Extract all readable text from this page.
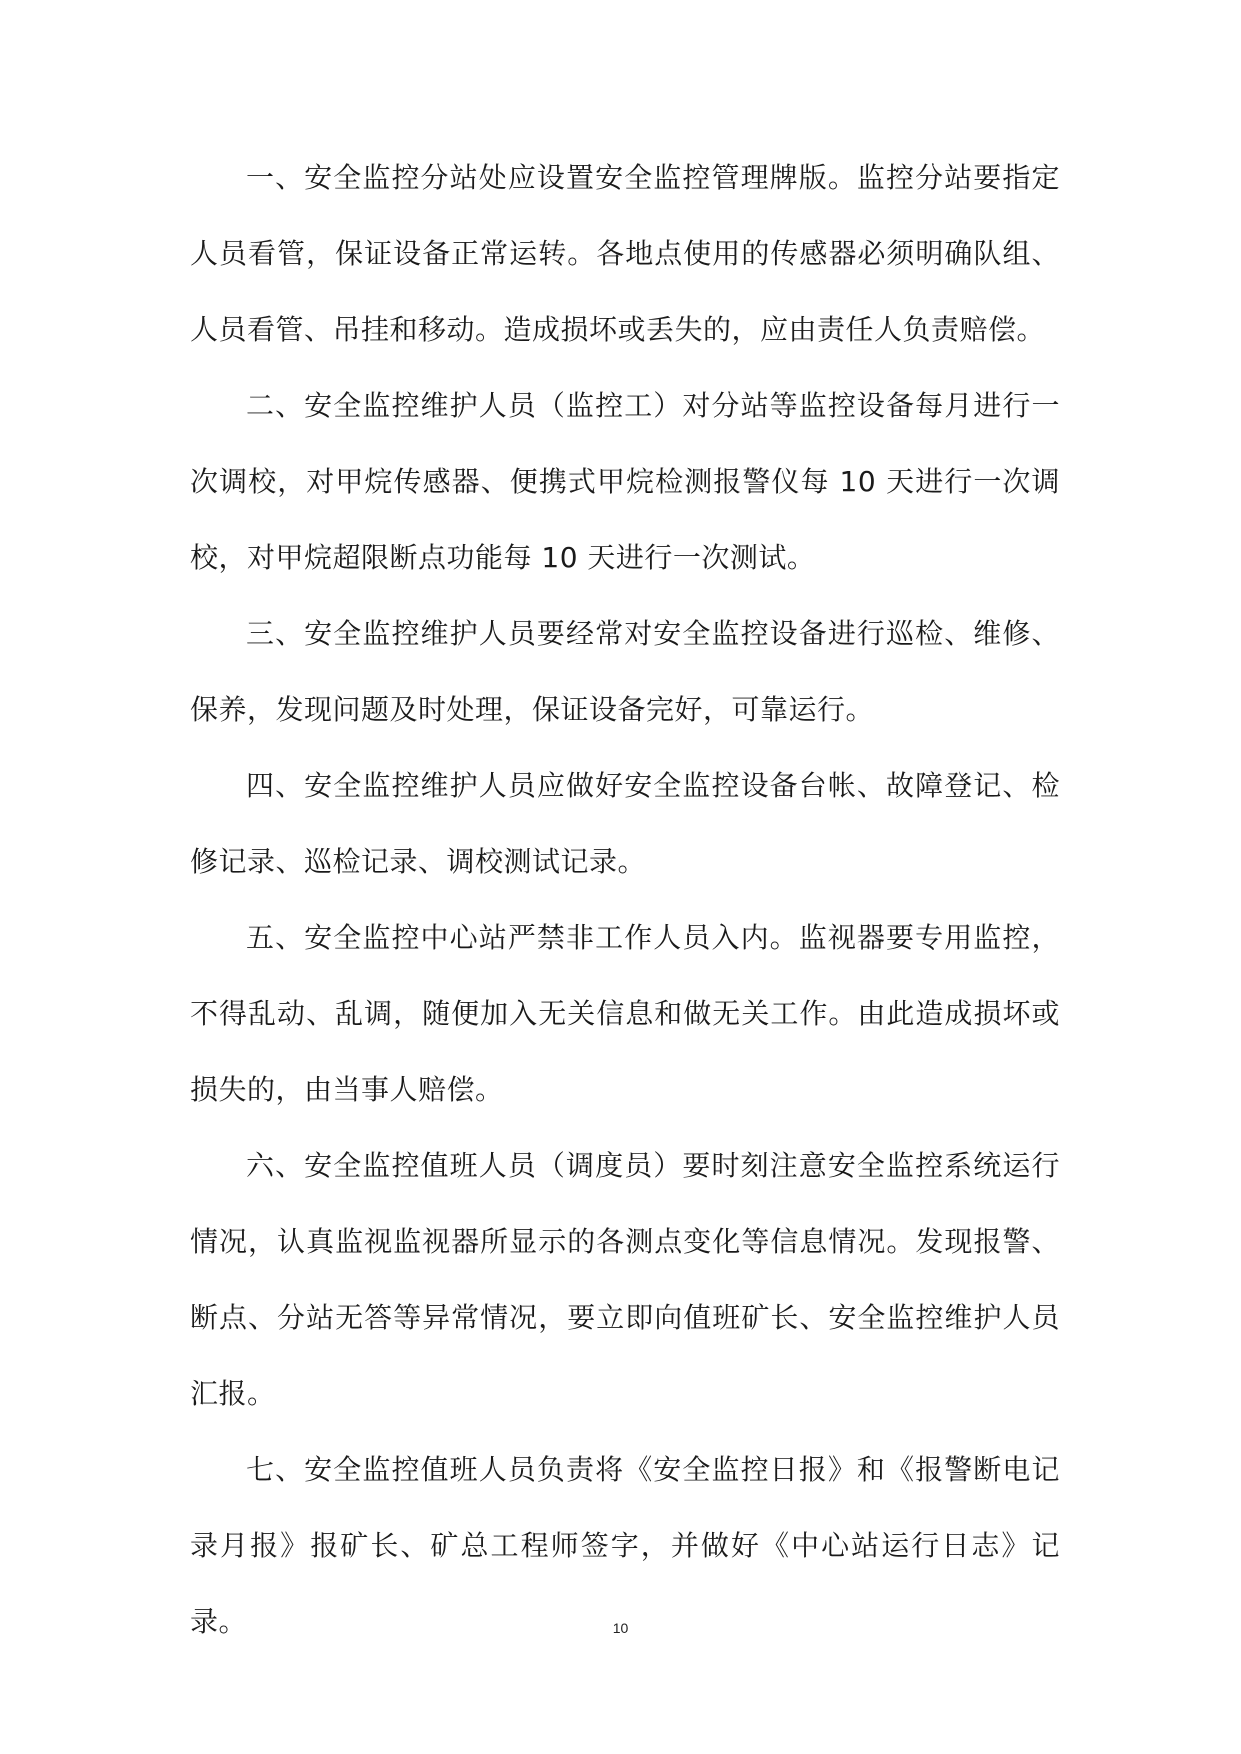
一、安全监控分站处应设置安全监控管理牌版。监控分站要指定人员看管，保证设备正常运转。各地点使用的传感器必须明确队组、人员看管、吊挂和移动。造成损坏或丢失的，应由责任人负责赔偿。

二、安全监控维护人员（监控工）对分站等监控设备每月进行一次调校，对甲烷传感器、便携式甲烷检测报警仪每 10 天进行一次调校，对甲烷超限断点功能每 10 天进行一次测试。

三、安全监控维护人员要经常对安全监控设备进行巡检、维修、保养，发现问题及时处理，保证设备完好，可靠运行。

四、安全监控维护人员应做好安全监控设备台帐、故障登记、检修记录、巡检记录、调校测试记录。

五、安全监控中心站严禁非工作人员入内。监视器要专用监控，不得乱动、乱调，随便加入无关信息和做无关工作。由此造成损坏或损失的，由当事人赔偿。

六、安全监控值班人员（调度员）要时刻注意安全监控系统运行情况，认真监视监视器所显示的各测点变化等信息情况。发现报警、断点、分站无答等异常情况，要立即向值班矿长、安全监控维护人员汇报。

七、安全监控值班人员负责将《安全监控日报》和《报警断电记录月报》报矿长、矿总工程师签字，并做好《中心站运行日志》记录。	10
